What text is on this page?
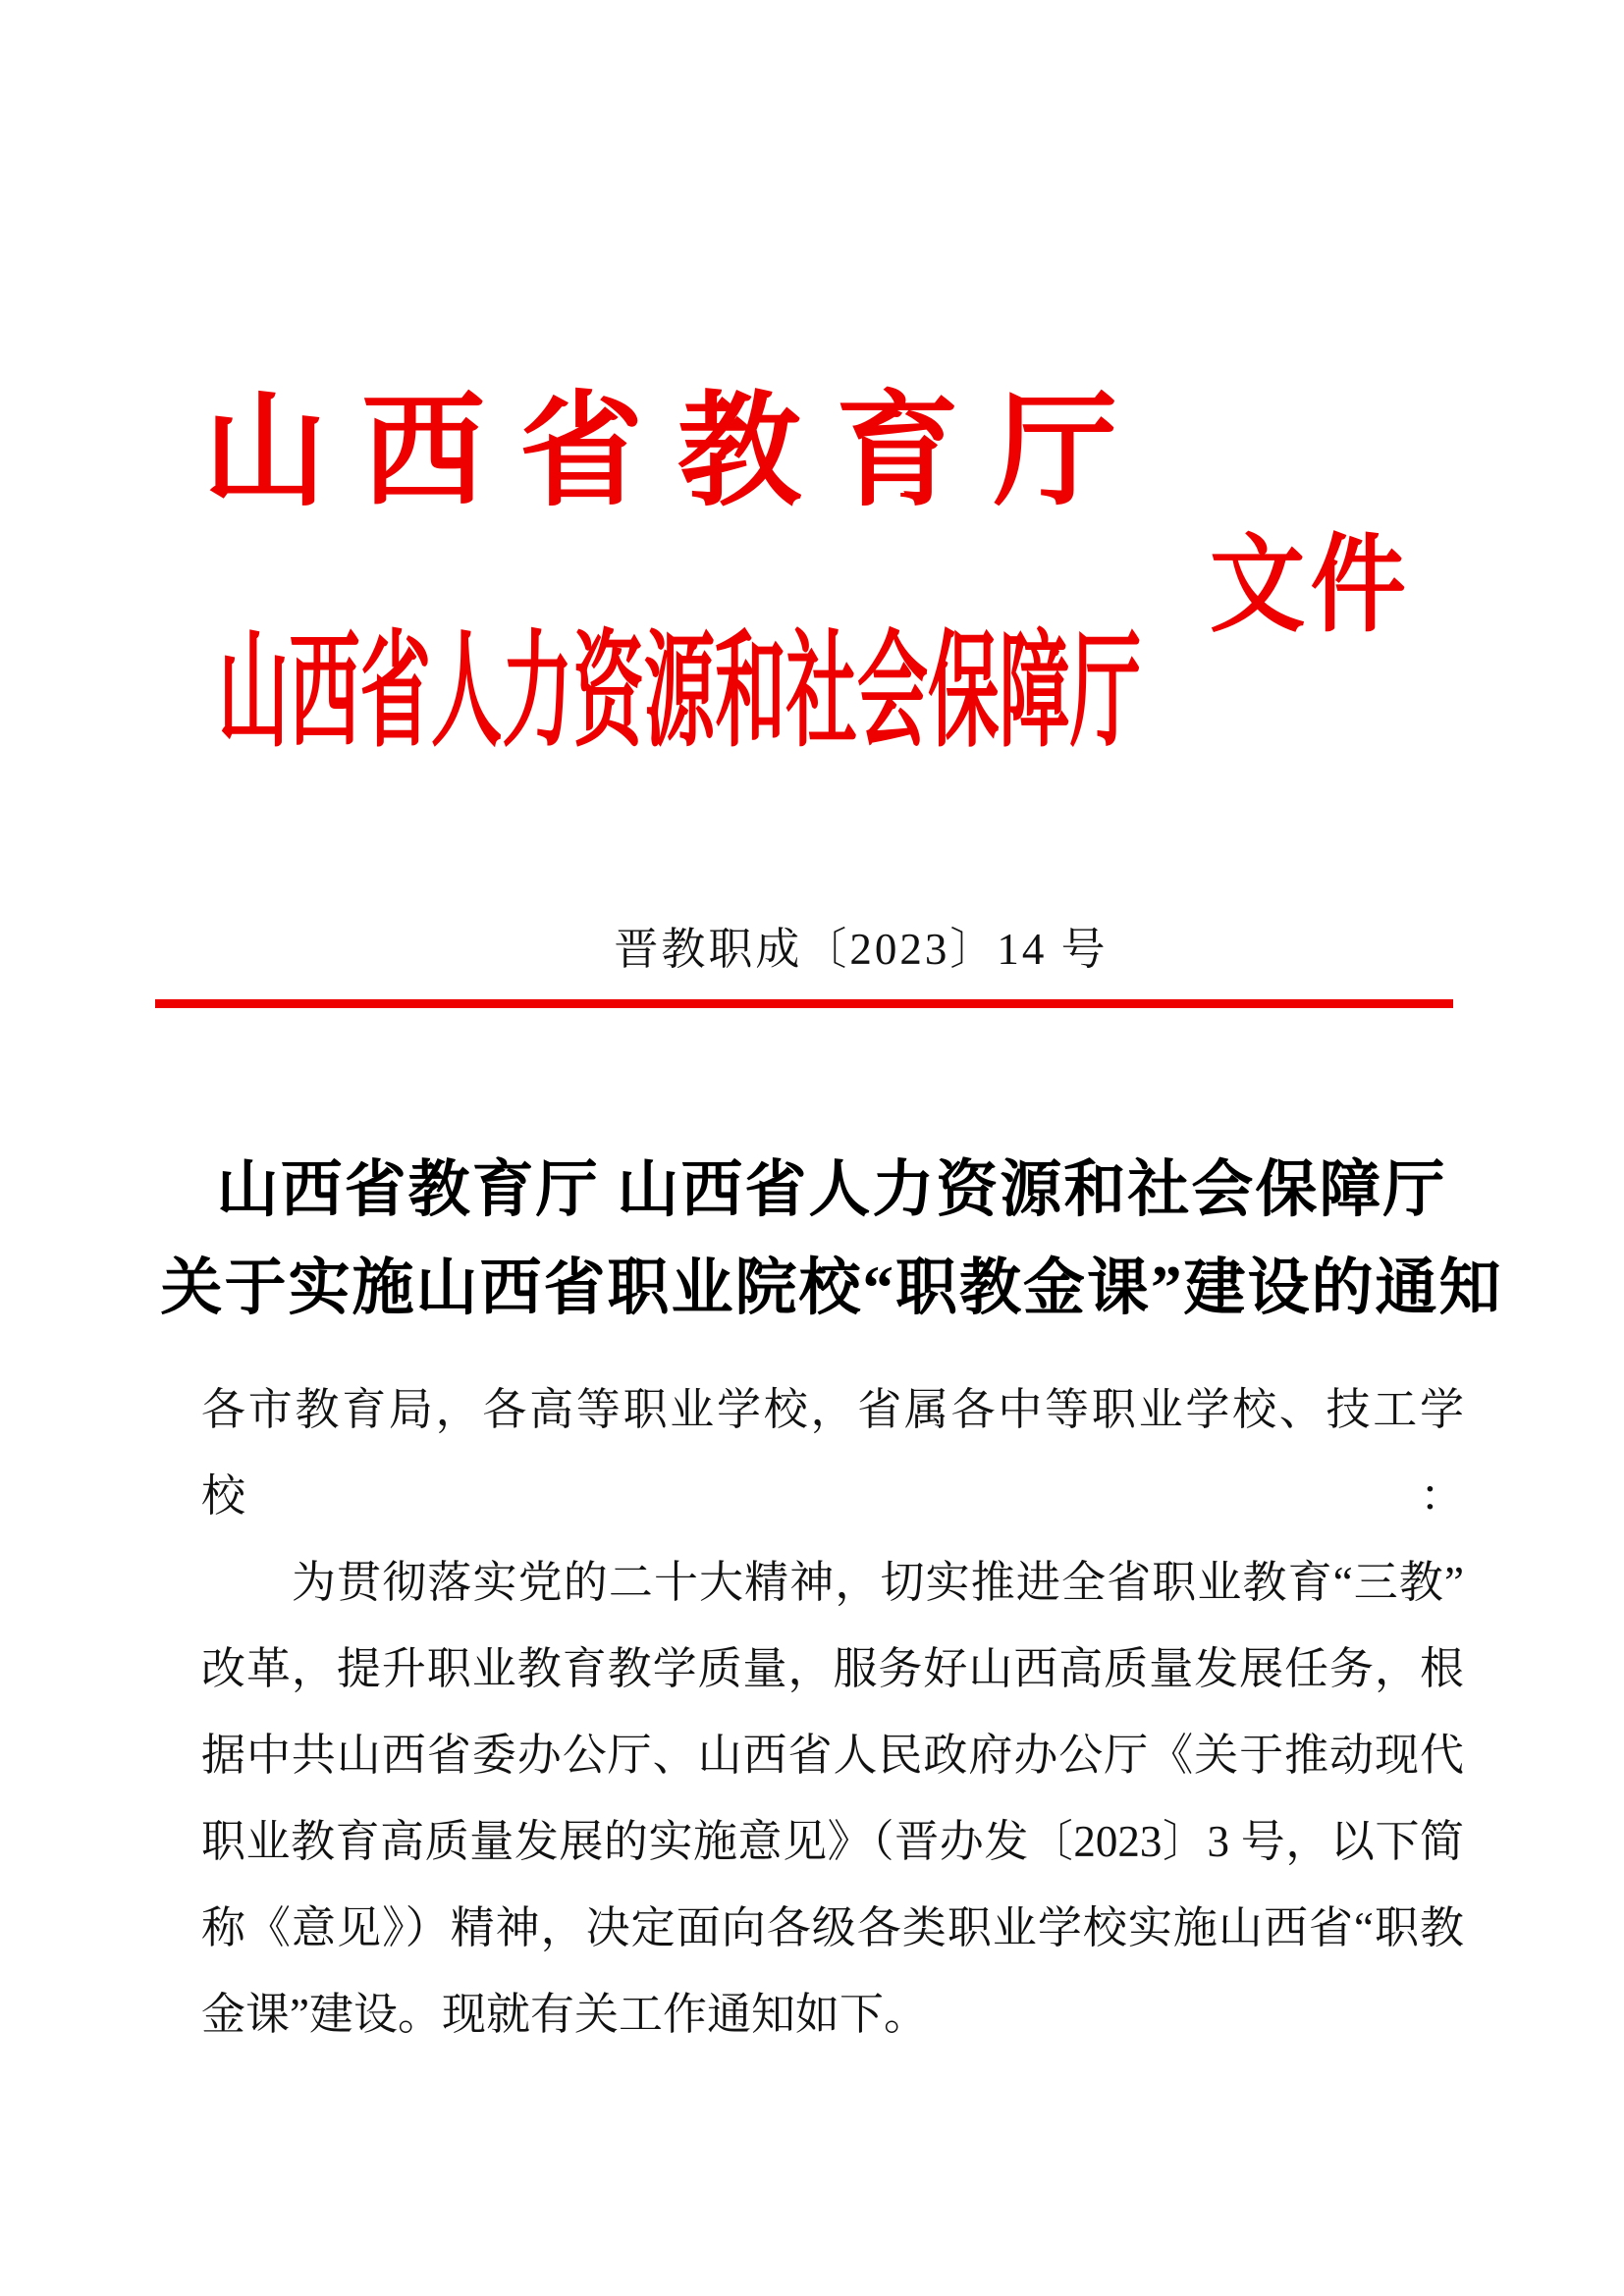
山西省教育厅
山西省人力资源和社会保障厅
文件
晋教职成〔2023〕14 号
山西省教育厅 山西省人力资源和社会保障厅
关于实施山西省职业院校“职教金课”建设的通知
各市教育局，各高等职业学校，省属各中等职业学校、技工学校：
为贯彻落实党的二十大精神，切实推进全省职业教育“三教”
改革，提升职业教育教学质量，服务好山西高质量发展任务，根
据中共山西省委办公厅、山西省人民政府办公厅《关于推动现代
职业教育高质量发展的实施意见》（晋办发〔2023〕3 号，以下简
称《意见》）精神，决定面向各级各类职业学校实施山西省“职教
金课”建设。现就有关工作通知如下。
